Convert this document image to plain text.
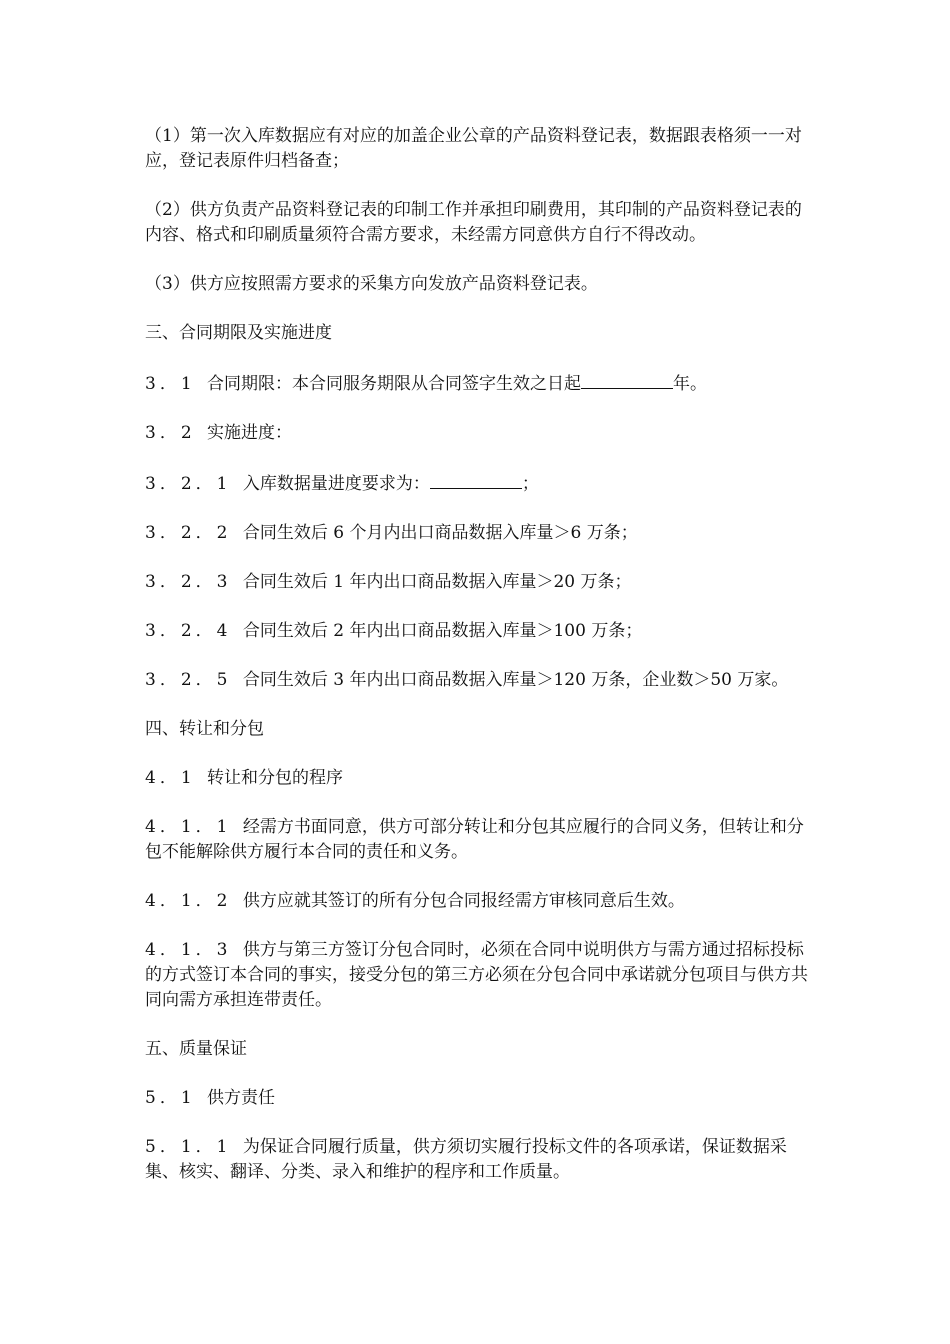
（1）第一次入库数据应有对应的加盖企业公章的产品资料登记表，数据跟表格须一一对应，登记表原件归档备查；

（2）供方负责产品资料登记表的印制工作并承担印刷费用，其印制的产品资料登记表的内容、格式和印刷质量须符合需方要求，未经需方同意供方自行不得改动。

（3）供方应按照需方要求的采集方向发放产品资料登记表。

三、合同期限及实施进度

3．1 合同期限：本合同服务期限从合同签字生效之日起	年。

3．2 实施进度：

3．2．1 入库数据量进度要求为：	；

3．2．2 合同生效后 6 个月内出口商品数据入库量＞6 万条；

3．2．3 合同生效后 1 年内出口商品数据入库量＞20 万条；

3．2．4 合同生效后 2 年内出口商品数据入库量＞100 万条；

3．2．5 合同生效后 3 年内出口商品数据入库量＞120 万条，企业数＞50 万家。

四、转让和分包

4．1 转让和分包的程序

4．1．1 经需方书面同意，供方可部分转让和分包其应履行的合同义务，但转让和分包不能解除供方履行本合同的责任和义务。

4．1．2 供方应就其签订的所有分包合同报经需方审核同意后生效。

4．1．3 供方与第三方签订分包合同时，必须在合同中说明供方与需方通过招标投标的方式签订本合同的事实，接受分包的第三方必须在分包合同中承诺就分包项目与供方共同向需方承担连带责任。

五、质量保证

5．1 供方责任

5．1．1 为保证合同履行质量，供方须切实履行投标文件的各项承诺，保证数据采集、核实、翻译、分类、录入和维护的程序和工作质量。
